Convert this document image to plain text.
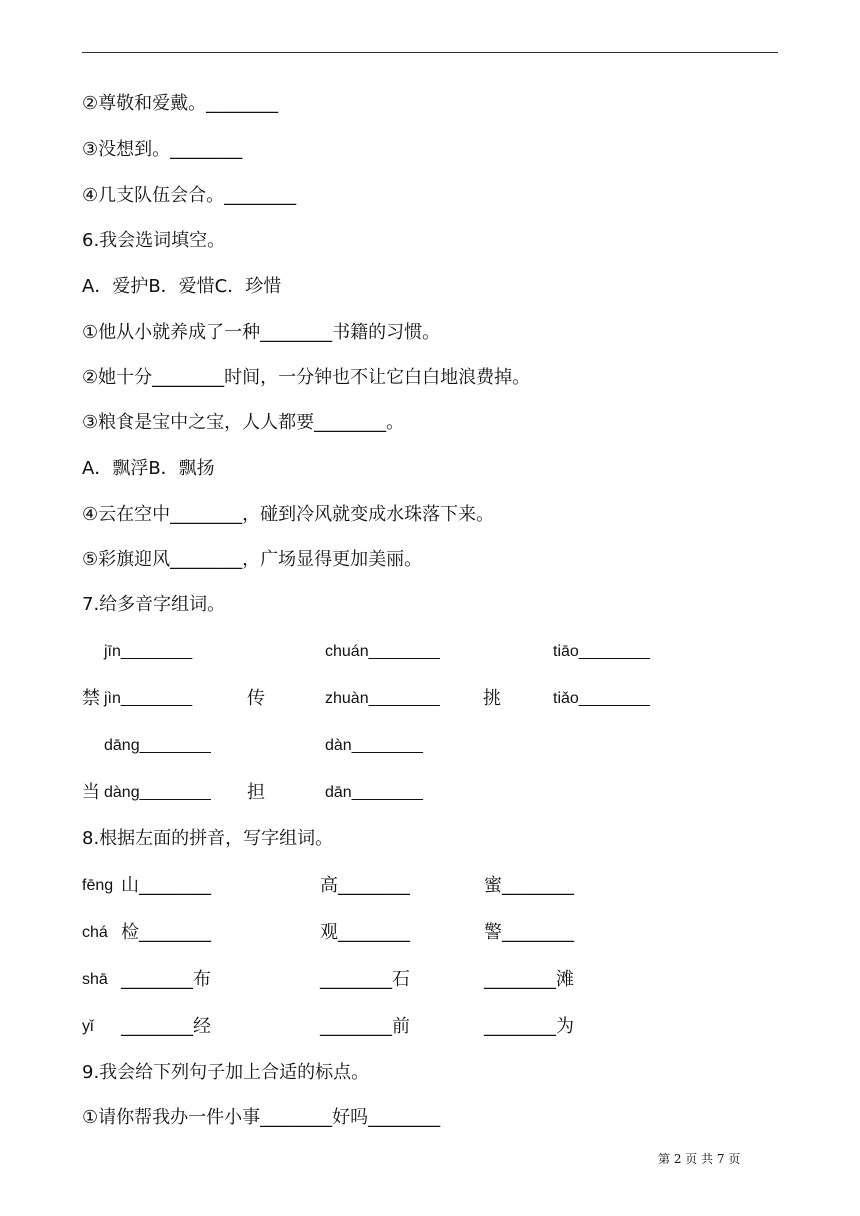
②尊敬和爱戴。________
③没想到。________
④几支队伍会合。________
6.我会选词填空。
A．爱护B．爱惜C．珍惜
①他从小就养成了一种________书籍的习惯。
②她十分________时间，一分钟也不让它白白地浪费掉。
③粮食是宝中之宝，人人都要________。
A．飘浮B．飘扬
④云在空中________，碰到冷风就变成水珠落下来。
⑤彩旗迎风________，广场显得更加美丽。
7.给多音字组词。
jīn________	chuán________	tiāo________
禁 jìn________	传	zhuàn________ 挑	tiǎo________
dāng________	dàn________
当 dàng________ 担	dān________
8.根据左面的拼音，写字组词。
fēng 山________	高________	蜜________
chá 检________	观________	警________
shā ________布	________石	________滩
yǐ ________经	________前	________为
9.我会给下列句子加上合适的标点。
①请你帮我办一件小事________好吗________
第 2 页 共 7 页
